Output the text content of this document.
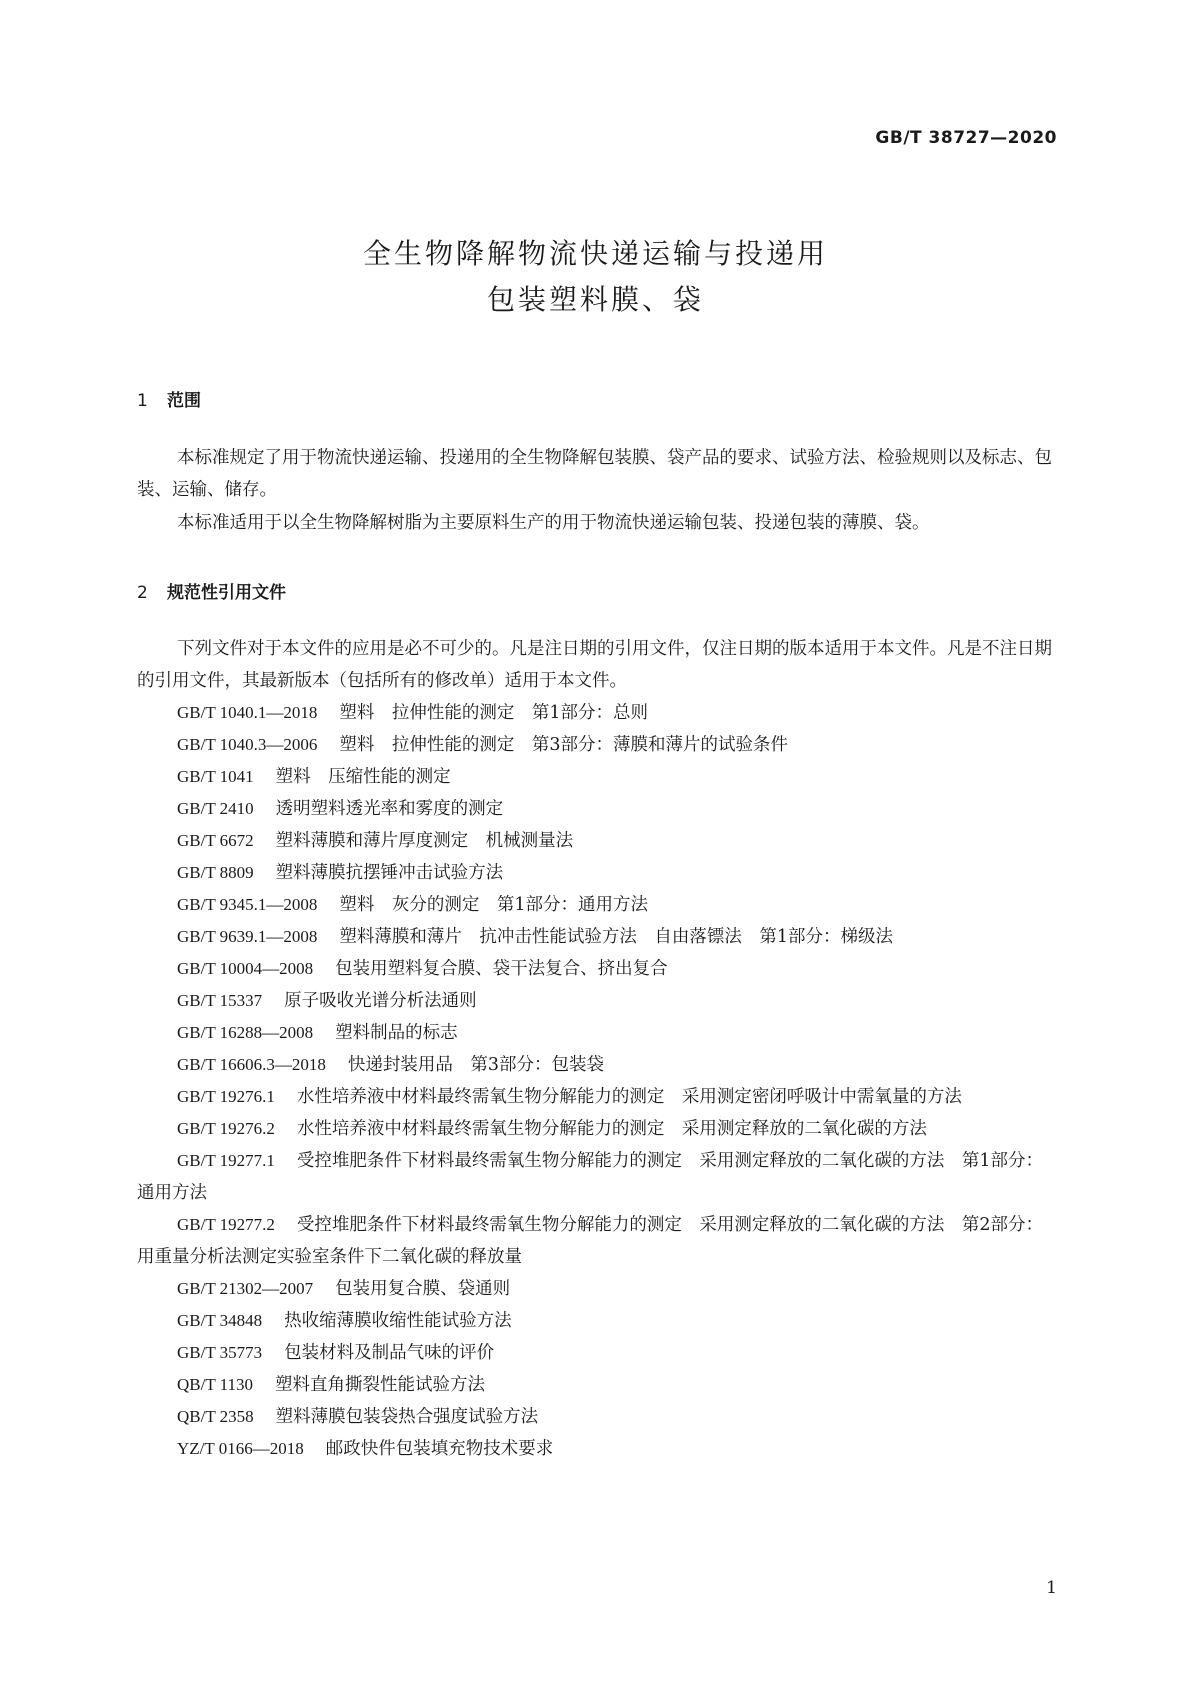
GB/T 38727—2020
全生物降解物流快递运输与投递用
包装塑料膜、袋
1 范围
本标准规定了用于物流快递运输、投递用的全生物降解包装膜、袋产品的要求、试验方法、检验规则以及标志、包装、运输、储存。
本标准适用于以全生物降解树脂为主要原料生产的用于物流快递运输包装、投递包装的薄膜、袋。
2 规范性引用文件
下列文件对于本文件的应用是必不可少的。凡是注日期的引用文件，仅注日期的版本适用于本文件。凡是不注日期的引用文件，其最新版本（包括所有的修改单）适用于本文件。
GB/T 1040.1—2018 塑料　拉伸性能的测定　第1部分：总则
GB/T 1040.3—2006 塑料　拉伸性能的测定　第3部分：薄膜和薄片的试验条件
GB/T 1041 塑料　压缩性能的测定
GB/T 2410 透明塑料透光率和雾度的测定
GB/T 6672 塑料薄膜和薄片厚度测定　机械测量法
GB/T 8809 塑料薄膜抗摆锤冲击试验方法
GB/T 9345.1—2008 塑料　灰分的测定　第1部分：通用方法
GB/T 9639.1—2008 塑料薄膜和薄片　抗冲击性能试验方法　自由落镖法　第1部分：梯级法
GB/T 10004—2008 包装用塑料复合膜、袋干法复合、挤出复合
GB/T 15337 原子吸收光谱分析法通则
GB/T 16288—2008 塑料制品的标志
GB/T 16606.3—2018 快递封装用品　第3部分：包装袋
GB/T 19276.1 水性培养液中材料最终需氧生物分解能力的测定　采用测定密闭呼吸计中需氧量的方法
GB/T 19276.2 水性培养液中材料最终需氧生物分解能力的测定　采用测定释放的二氧化碳的方法
GB/T 19277.1 受控堆肥条件下材料最终需氧生物分解能力的测定　采用测定释放的二氧化碳的方法　第1部分：通用方法
GB/T 19277.2 受控堆肥条件下材料最终需氧生物分解能力的测定　采用测定释放的二氧化碳的方法　第2部分：用重量分析法测定实验室条件下二氧化碳的释放量
GB/T 21302—2007 包装用复合膜、袋通则
GB/T 34848 热收缩薄膜收缩性能试验方法
GB/T 35773 包装材料及制品气味的评价
QB/T 1130 塑料直角撕裂性能试验方法
QB/T 2358 塑料薄膜包装袋热合强度试验方法
YZ/T 0166—2018 邮政快件包装填充物技术要求
1
